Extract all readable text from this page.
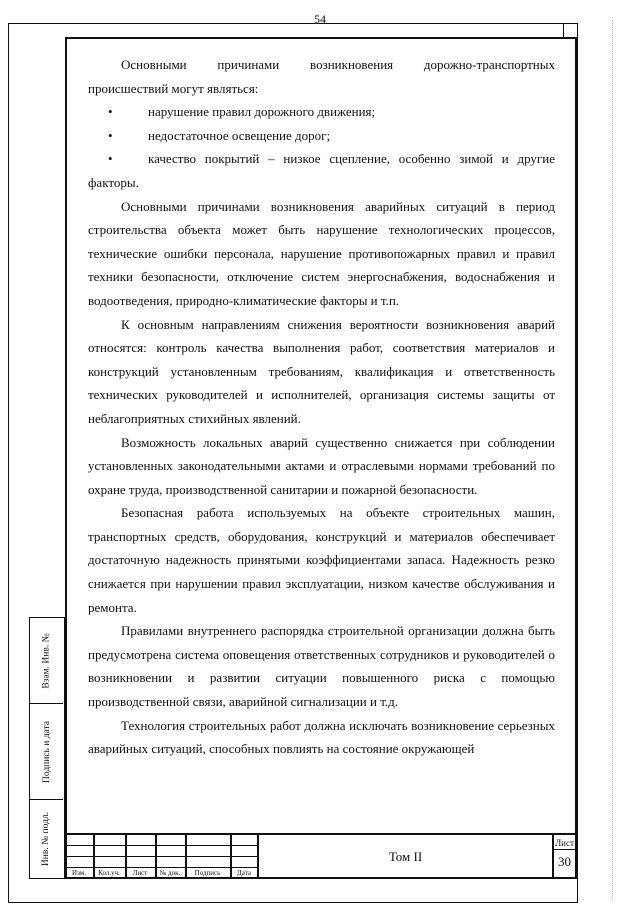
54
Взам. Инв. №
Подпись и дата
Инв. № подл.

Основными причинами возникновения дорожно-транспортных происшествий могут являться:

•	нарушение правил дорожного движения;

•	недостаточное освещение дорог;

•	качество покрытий – низкое сцепление, особенно зимой и другие факторы.

Основными причинами возникновения аварийных ситуаций в период строительства объекта может быть нарушение технологических процессов, технические ошибки персонала, нарушение противопожарных правил и правил техники безопасности, отключение систем энергоснабжения, водоснабжения и водоотведения, природно-климатические факторы и т.п.

К основным направлениям снижения вероятности возникновения аварий относятся: контроль качества выполнения работ, соответствия материалов и конструкций установленным требованиям, квалификация и ответственность технических руководителей и исполнителей, организация системы защиты от неблагоприятных стихийных явлений.

Возможность локальных аварий существенно снижается при соблюдении установленных законодательными актами и отраслевыми нормами требований по охране труда, производственной санитарии и пожарной безопасности.

Безопасная работа используемых на объекте строительных машин, транспортных средств, оборудования, конструкций и материалов обеспечивает достаточную надежность принятыми коэффициентами запаса. Надежность резко снижается при нарушении правил эксплуатации, низком качестве обслуживания и ремонта.

Правилами внутреннего распорядка строительной организации должна быть предусмотрена система оповещения ответственных сотрудников и руководителей о возникновении и развитии ситуации повышенного риска с помощью производственной связи, аварийной сигнализации и т.д.

Технология строительных работ должна исключать возникновение серьезных аварийных ситуаций, способных повлиять на состояние окружающей

Изм.	Кол.уч.	Лист	№ док.	Подпись	Дата
Том II
Лист
30
